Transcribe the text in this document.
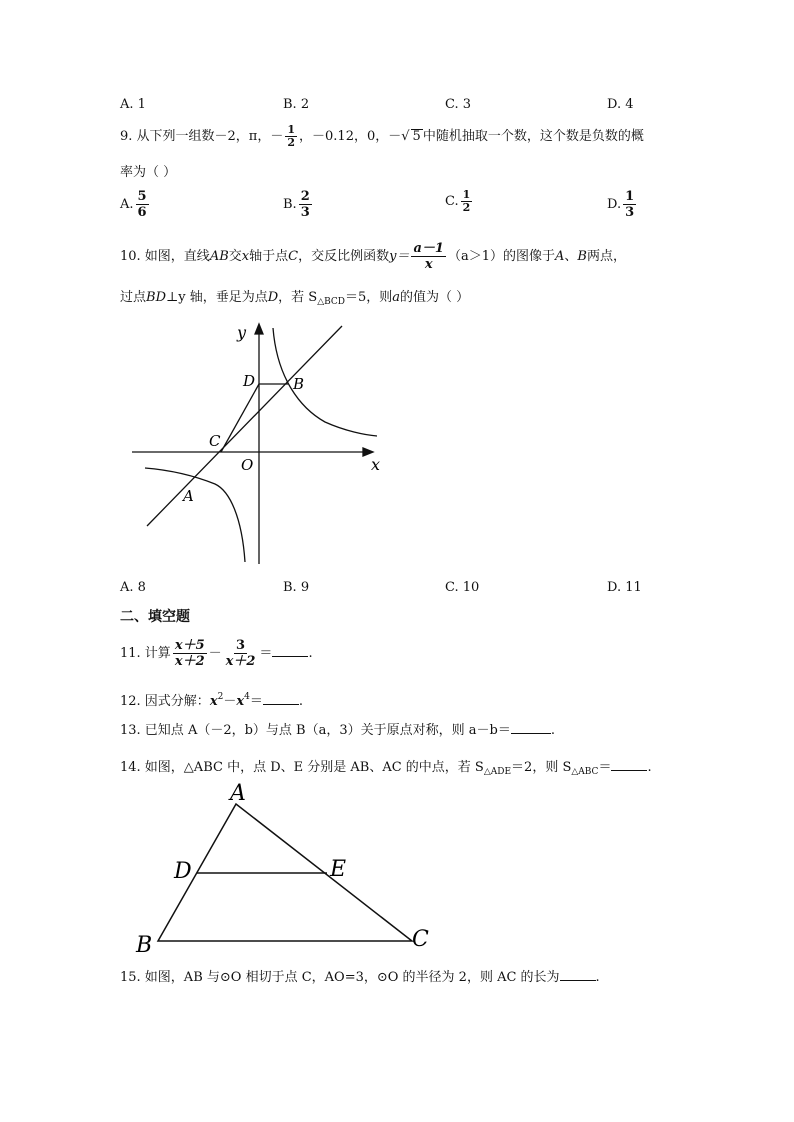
A. 1	B. 2	C. 3	D. 4
9. 从下列一组数－2，π，－ $\frac{1}{2}$ ，－0.12，0，－√ 5 中随机抽取一个数，这个数是负数的概
率为（ ）
A. $\frac{5}{6}$	B. $\frac{2}{3}$	C. $\frac{1}{2}$	D. $\frac{1}{3}$
10. 如图，直线AB交x轴于点C，交反比例函数$y= \frac{a-1}{x} (a>1)$的图像于A、B两点，
过点BD⊥y 轴，垂足为点D，若 $S_{\triangle BCD}=5$，则a的值为（ ）
y
x
D	B
C
O
A
A. 8	B. 9	C. 10	D. 11
二、填空题
11. 计算 $\frac{x+5}{x+2} - \frac{3}{x+2}$ ＝	.
12. 因式分解：$x^2-x^4=$	.
13. 已知点 A（－2，b）与点 B（a，3）关于原点对称，则 a－b＝	.
14. 如图，△ABC 中，点 D、E 分别是 AB、AC 的中点，若 $S_{\triangle ADE}=2$，则 $S_{\triangle ABC}=$	.
A
B	C
D	E
15. 如图，AB 与⊙O 相切于点 C，AO=3，⊙O 的半径为 2，则 AC 的长为	.
